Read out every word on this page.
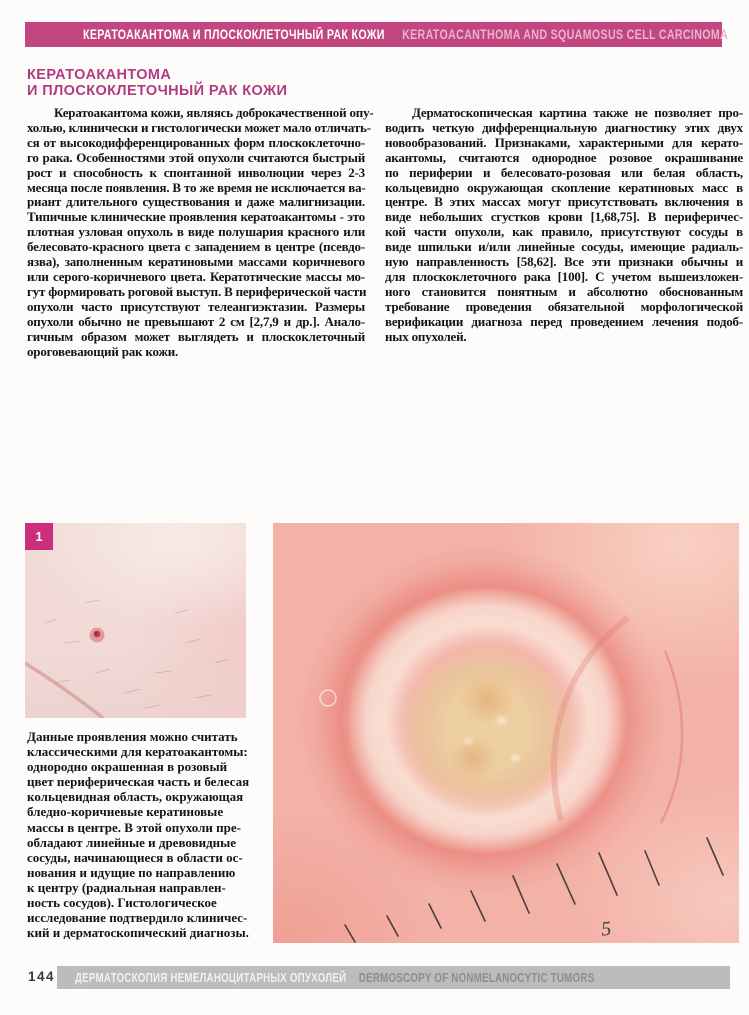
КЕРАТОАКАНТОМА И ПЛОСКОКЛЕТОЧНЫЙ РАК КОЖИ KERATOACANTHOMA AND SQUAMOSUS CELL CARCINOMA
КЕРАТОАКАНТОМА
И ПЛОСКОКЛЕТОЧНЫЙ РАК КОЖИ
Кератоакантома кожи, являясь доброкачественной опу-
холью, клинически и гистологически может мало отличать-
ся от высокодифференцированных форм плоскоклеточно-
го рака. Особенностями этой опухоли считаются быстрый
рост и способность к спонтанной инволюции через 2-3
месяца после появления. В то же время не исключается ва-
риант длительного существования и даже малигнизации.
Типичные клинические проявления кератоакантомы - это
плотная узловая опухоль в виде полушария красного или
белесовато-красного цвета с западением в центре (псевдо-
язва), заполненным кератиновыми массами коричневого
или серого-коричневого цвета. Кератотические массы мо-
гут формировать роговой выступ. В периферической части
опухоли часто присутствуют телеангиэктазии. Размеры
опухоли обычно не превышают 2 см [2,7,9 и др.]. Анало-
гичным образом может выглядеть и плоскоклеточный
ороговевающий рак кожи.
Дерматоскопическая картина также не позволяет про-
водить четкую дифференциальную диагностику этих двух
новообразований. Признаками, характерными для керато-
акантомы, считаются однородное розовое окрашивание
по периферии и белесовато-розовая или белая область,
кольцевидно окружающая скопление кератиновых масс в
центре. В этих массах могут присутствовать включения в
виде небольших сгустков крови [1,68,75]. В периферичес-
кой части опухоли, как правило, присутствуют сосуды в
виде шпильки и/или линейные сосуды, имеющие радиаль-
ную направленность [58,62]. Все эти признаки обычны и
для плоскоклеточного рака [100]. С учетом вышеизложен-
ного становится понятным и абсолютно обоснованным
требование проведения обязательной морфологической
верификации диагноза перед проведением лечения подоб-
ных опухолей.
1
5
Данные проявления можно считать
классическими для кератоакантомы:
однородно окрашенная в розовый
цвет периферическая часть и белесая
кольцевидная область, окружающая
бледно-коричневые кератиновые
массы в центре. В этой опухоли пре-
обладают линейные и древовидные
сосуды, начинающиеся в области ос-
нования и идущие по направлению
к центру (радиальная направлен-
ность сосудов). Гистологическое
исследование подтвердило клиничес-
кий и дерматоскопический диагнозы.
144 ДЕРМАТОСКОПИЯ НЕМЕЛАНОЦИТАРНЫХ ОПУХОЛЕЙ DERMOSCOPY OF NONMELANOCYTIC TUMORS
